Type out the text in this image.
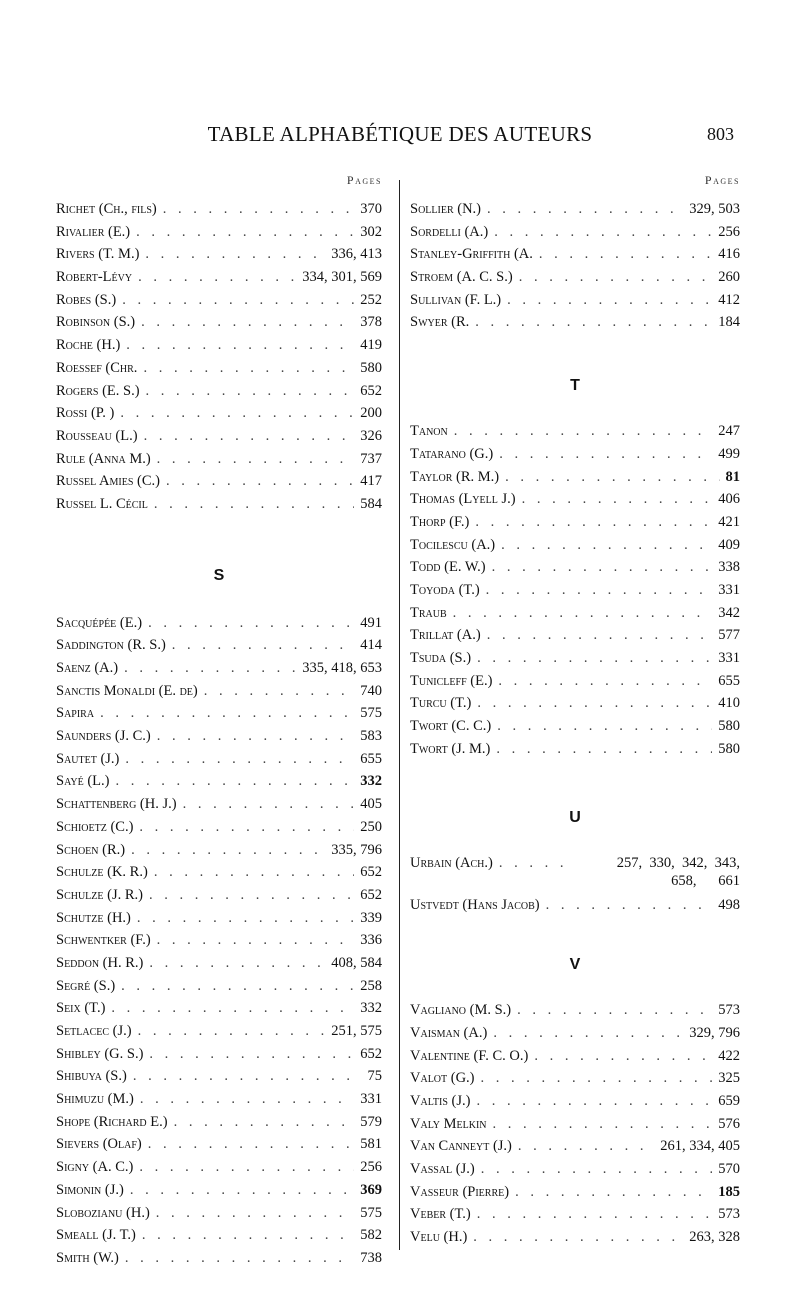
TABLE ALPHABÉTIQUE DES AUTEURS	803
Pages
Richet (Ch., fils) . . .	370
Rivalier (E.) . . .	302
Rivers (T. M.) . . .	336, 413
Robert-Lévy . . .	334, 301, 569
Robes (S.) . . .	252
Robinson (S.) . . .	378
Roche (H.) . . .	419
Roessef (Chr. . . .	580
Rogers (E. S.) . . .	652
Rossi (P. ) . . .	200
Rousseau (L.) . . .	326
Rule (Anna M.) . . .	737
Russel Amies (C.) . . .	417
Russel L. Cécil . . .	584
S
Sacquépée (E.) . . .	491
Saddington (R. S.) . . .	414
Saenz (A.) . . .	335, 418, 653
Sanctis Monaldi (E. de) . . .	740
Sapira . . .	575
Saunders (J. C.) . . .	583
Sautet (J.) . . .	655
Sayé (L.) . . .	332
Schattenberg (H. J.) . . .	405
Schioetz (C.) . . .	250
Schoen (R.) . . .	335, 796
Schulze (K. R.) . . .	652
Schulze (J. R.) . . .	652
Schutze (H.) . . .	339
Schwentker (F.) . . .	336
Seddon (H. R.) . . .	408, 584
Segré (S.) . . .	258
Seix (T.) . . .	332
Setlacec (J.) . . .	251, 575
Shibley (G. S.) . . .	652
Shibuya (S.) . . .	75
Shimuzu (M.) . . .	331
Shope (Richard E.) . . .	579
Sievers (Olaf) . . .	581
Signy (A. C.) . . .	256
Simonin (J.) . . .	369
Slobozianu (H.) . . .	575
Smeall (J. T.) . . .	582
Smith (W.) . . .	738
Pages
Sollier (N.) . . .	329, 503
Sordelli (A.) . . .	256
Stanley-Griffith (A. . . .	416
Stroem (A. C. S.) . . .	260
Sullivan (F. L.) . . .	412
Swyer (R. . . .	184
T
Tanon . . .	247
Tatarano (G.) . . .	499
Taylor (R. M.) . . .	81
Thomas (Lyell J.) . . .	406
Thorp (F.) . . .	421
Tocilescu (A.) . . .	409
Todd (E. W.) . . .	338
Toyoda (T.) . . .	331
Traub . . .	342
Trillat (A.) . . .	577
Tsuda (S.) . . .	331
Tunicleff (E.) . . .	655
Turcu (T.) . . .	410
Twort (C. C.) . . .	580
Twort (J. M.) . . .	580
U
Urbain (Ach.) . . .	257,  330,  342,  343,
658,      661
Ustvedt (Hans Jacob) . . .	498
V
Vagliano (M. S.) . . .	573
Vaisman (A.) . . .	329, 796
Valentine (F. C. O.) . . .	422
Valot (G.) . . .	325
Valtis (J.) . . .	659
Valy Melkin . . .	576
Van Canneyt (J.) . . .	261, 334, 405
Vassal (J.) . . .	570
Vasseur (Pierre) . . .	185
Veber (T.) . . .	573
Velu (H.) . . .	263, 328
